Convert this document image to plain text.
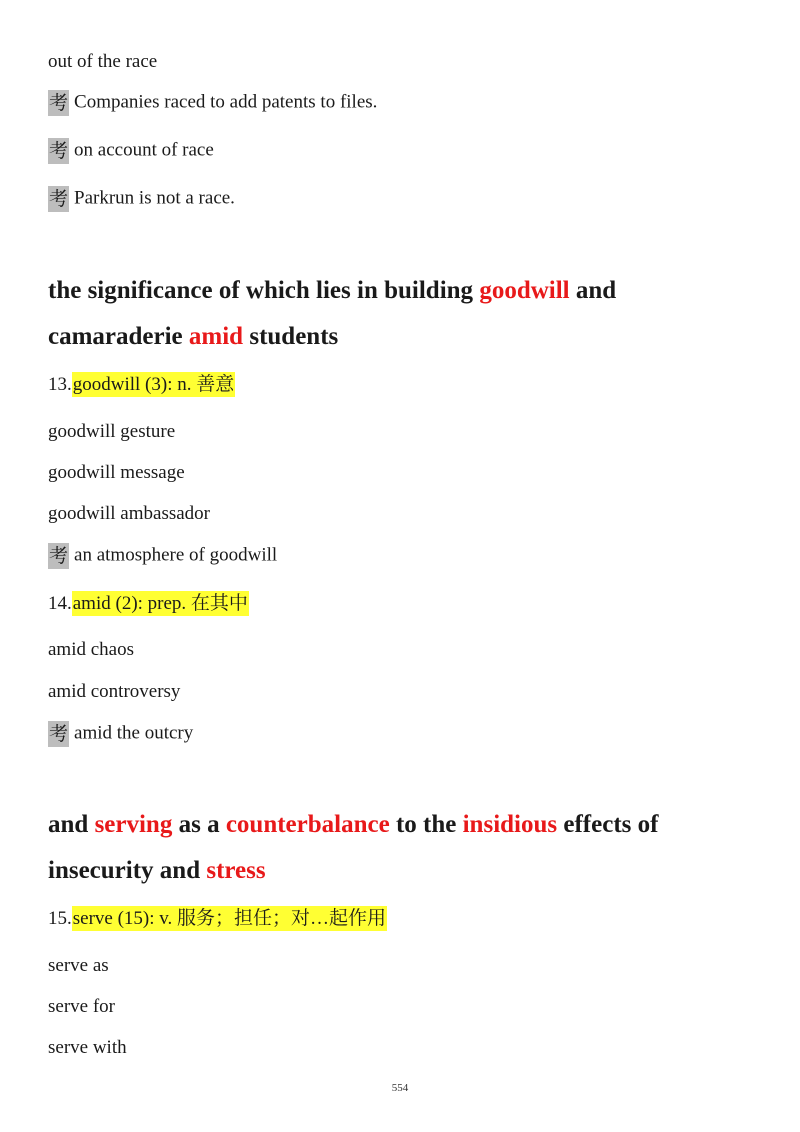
out of the race
考 Companies raced to add patents to files.
考 on account of race
考 Parkrun is not a race.
the significance of which lies in building goodwill and
camaraderie amid students
13.goodwill (3): n. 善意
goodwill gesture
goodwill message
goodwill ambassador
考 an atmosphere of goodwill
14.amid (2): prep. 在其中
amid chaos
amid controversy
考 amid the outcry
and serving as a counterbalance to the insidious effects of
insecurity and stress
15.serve (15): v. 服务；担任；对…起作用
serve as
serve for
serve with
554
